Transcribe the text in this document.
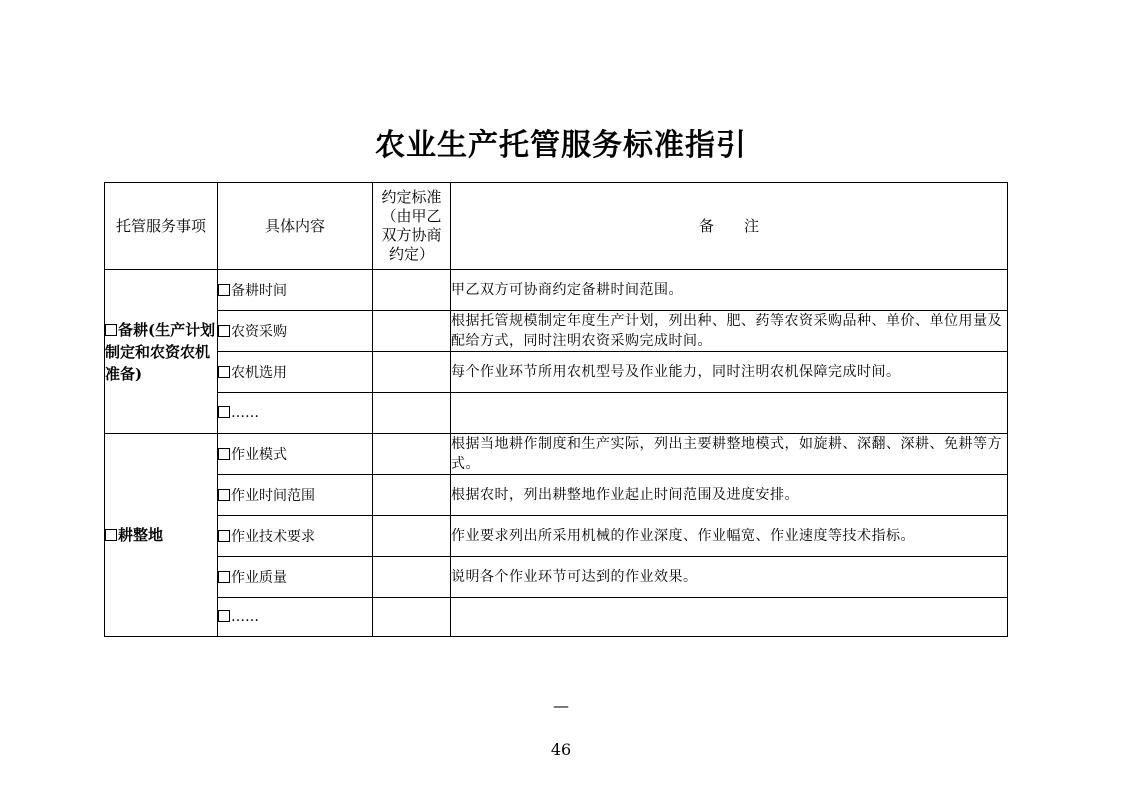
农业生产托管服务标准指引
托管服务事项	具体内容	约定标准（由甲乙双方协商约定）	备　　注
备耕(生产计划制定和农资农机准备)	备耕时间		甲乙双方可协商约定备耕时间范围。
	农资采购		根据托管规模制定年度生产计划，列出种、肥、药等农资采购品种、单价、单位用量及配给方式，同时注明农资采购完成时间。
	农机选用		每个作业环节所用农机型号及作业能力，同时注明农机保障完成时间。
	……		
耕整地	作业模式		根据当地耕作制度和生产实际，列出主要耕整地模式，如旋耕、深翻、深耕、免耕等方式。
	作业时间范围		根据农时，列出耕整地作业起止时间范围及进度安排。
	作业技术要求		作业要求列出所采用机械的作业深度、作业幅宽、作业速度等技术指标。
	作业质量		说明各个作业环节可达到的作业效果。
	……		
—
46
